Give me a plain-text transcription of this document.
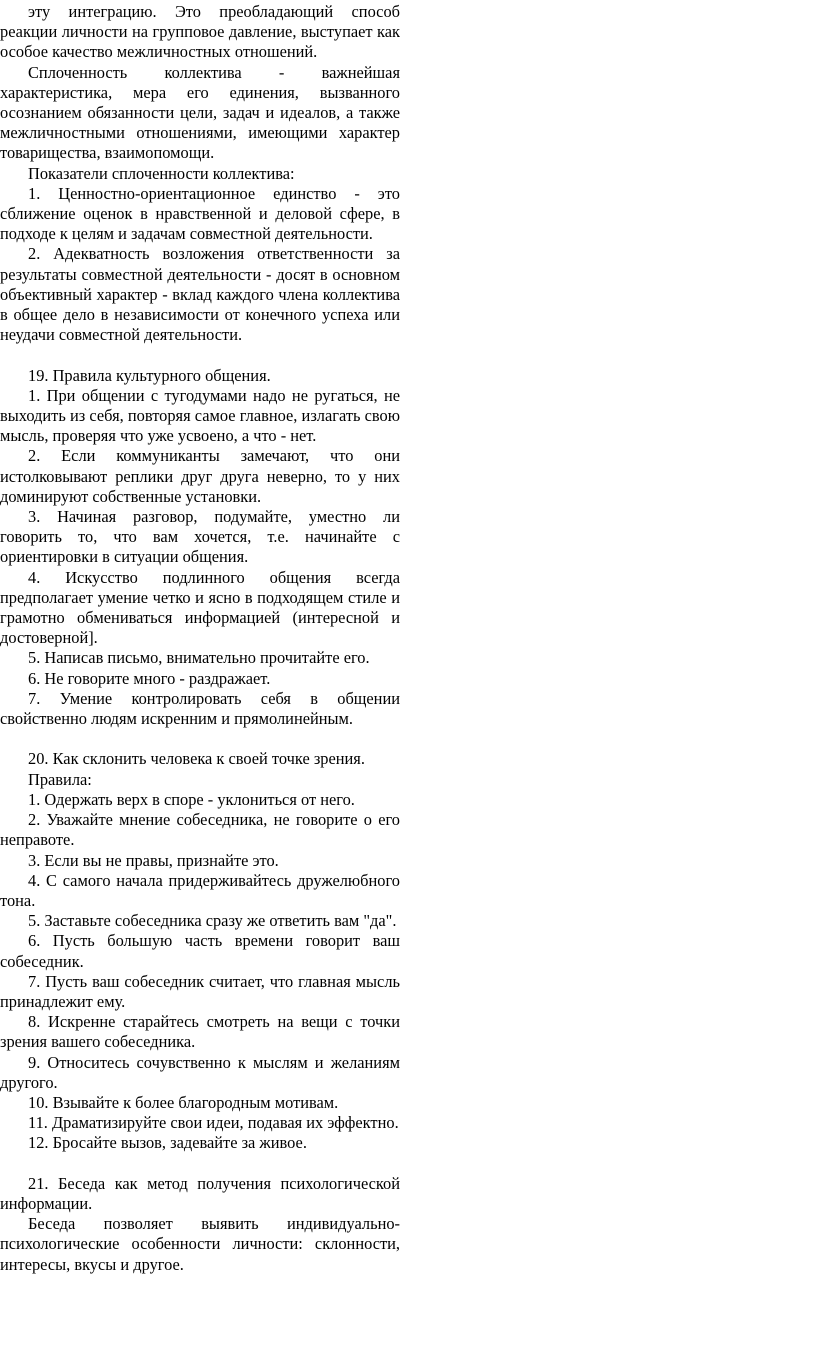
эту интеграцию. Это преобладающий способ реакции личности на групповое давление, выступает как особое качество межличностных отношений.

Сплоченность коллектива - важнейшая характеристика, мера его единения, вызванного осознанием обязанности цели, задач и идеалов, а также межличностными отношениями, имеющими характер товарищества, взаимопомощи.

Показатели сплоченности коллектива:

1. Ценностно-ориентационное единство - это сближение оценок в нравственной и деловой сфере, в подходе к целям и задачам совместной деятельности.

2. Адекватность возложения ответственности за результаты совместной деятельности - досят в основном объективный характер - вклад каждого члена коллектива в общее дело в независимости от конечного успеха или неудачи совместной деятельности.

19. Правила культурного общения.

1. При общении с тугодумами надо не ругаться, не выходить из себя, повторяя самое главное, излагать свою мысль, проверяя что уже усвоено, а что - нет.

2. Если коммуниканты замечают, что они истолковывают реплики друг друга неверно, то у них доминируют собственные установки.

3. Начиная разговор, подумайте, уместно ли говорить то, что вам хочется, т.е. начинайте с ориентировки в ситуации общения.

4. Искусство подлинного общения всегда предполагает умение четко и ясно в подходящем стиле и грамотно обмениваться информацией (интересной и достоверной].

5. Написав письмо, внимательно прочитайте его.

6. Не говорите много - раздражает.

7. Умение контролировать себя в общении свойственно людям искренним и прямолинейным.

20. Как склонить человека к своей точке зрения.

Правила:

1. Одержать верх в споре - уклониться от него.

2. Уважайте мнение собеседника, не говорите о его неправоте.

3. Если вы не правы, признайте это.

4. С самого начала придерживайтесь дружелюбного тона.

5. Заставьте собеседника сразу же ответить вам "да".

6. Пусть большую часть времени говорит ваш собеседник.

7. Пусть ваш собеседник считает, что главная мысль принадлежит ему.

8. Искренне старайтесь смотреть на вещи с точки зрения вашего собеседника.

9. Относитесь сочувственно к мыслям и желаниям другого.

10. Взывайте к более благородным мотивам.

11. Драматизируйте свои идеи, подавая их эффектно.

12. Бросайте вызов, задевайте за живое.

21. Беседа как метод получения психологической информации.

Беседа позволяет выявить индивидуально-психологические особенности личности: склонности, интересы, вкусы и другое.
